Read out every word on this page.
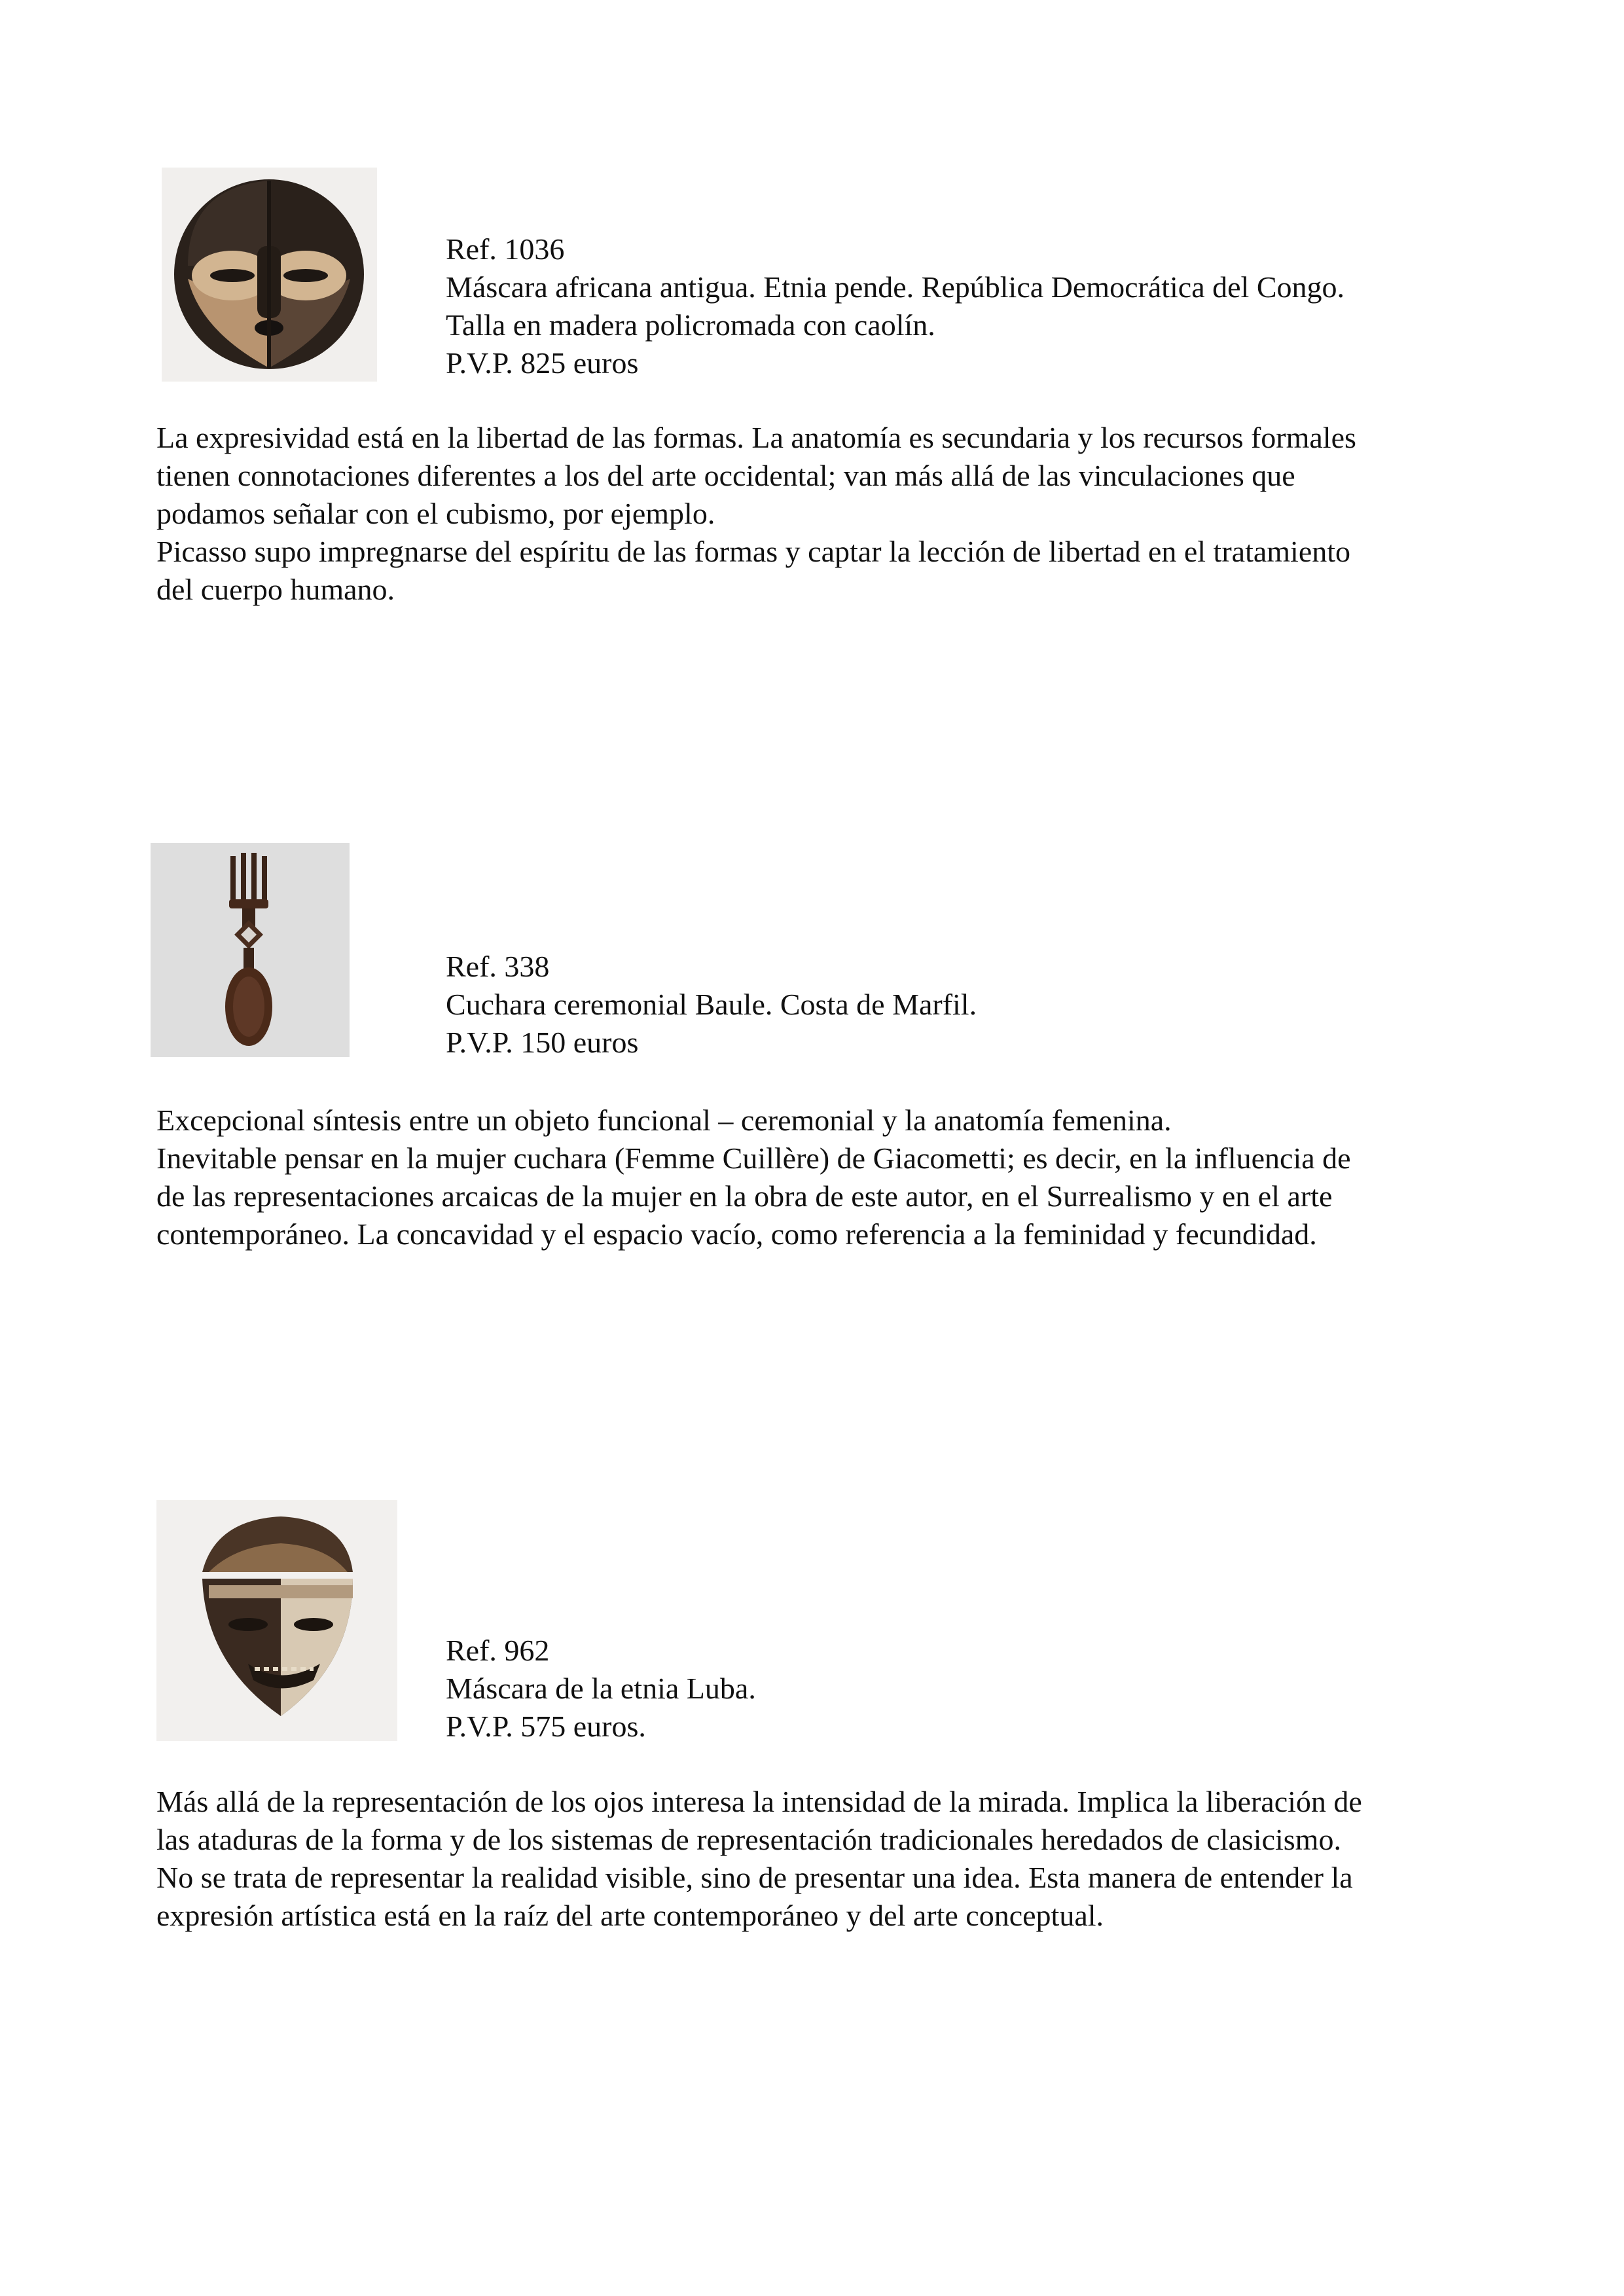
Ref. 1036
Máscara africana antigua. Etnia pende. República Democrática del Congo.
Talla en madera policromada con caolín.
P.V.P. 825 euros
La expresividad está en la libertad de las formas. La anatomía es secundaria y los recursos formales
tienen connotaciones diferentes a los del arte occidental; van más allá de las vinculaciones que
podamos señalar con el cubismo, por ejemplo.
Picasso supo impregnarse del espíritu de las formas y captar la lección de libertad en el tratamiento
del cuerpo humano.
Ref. 338
Cuchara ceremonial Baule. Costa de Marfil.
P.V.P. 150 euros
Excepcional síntesis entre un objeto funcional – ceremonial y la anatomía femenina.
Inevitable pensar en la mujer cuchara (Femme Cuillère) de Giacometti; es decir, en la influencia de
de las representaciones arcaicas de la mujer en la obra de este autor, en el Surrealismo y en el arte
contemporáneo. La concavidad y el espacio vacío, como referencia a la feminidad y fecundidad.
Ref. 962
Máscara de la etnia Luba.
P.V.P. 575 euros.
Más allá de la representación de los ojos interesa la intensidad de la mirada. Implica la liberación de
las ataduras de la forma y de los sistemas de representación tradicionales heredados de clasicismo.
No se trata de representar la realidad visible, sino de presentar una idea. Esta manera de entender la
expresión artística está en la raíz del arte contemporáneo y del arte conceptual.
